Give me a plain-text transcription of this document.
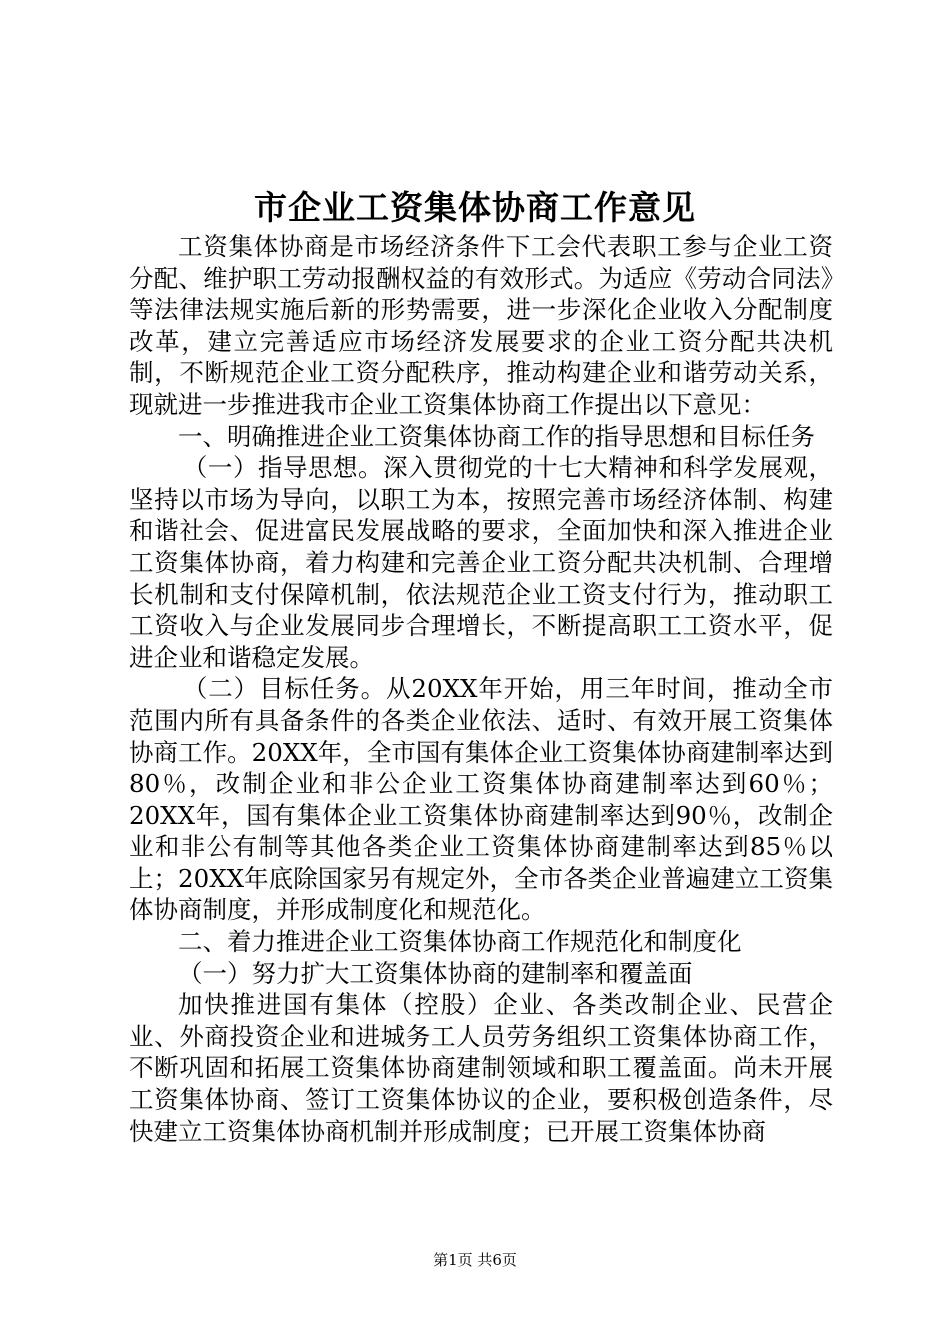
市企业工资集体协商工作意见

工资集体协商是市场经济条件下工会代表职工参与企业工资分配、维护职工劳动报酬权益的有效形式。为适应《劳动合同法》等法律法规实施后新的形势需要，进一步深化企业收入分配制度改革，建立完善适应市场经济发展要求的企业工资分配共决机制，不断规范企业工资分配秩序，推动构建企业和谐劳动关系，现就进一步推进我市企业工资集体协商工作提出以下意见：

一、明确推进企业工资集体协商工作的指导思想和目标任务

（一）指导思想。深入贯彻党的十七大精神和科学发展观，坚持以市场为导向，以职工为本，按照完善市场经济体制、构建和谐社会、促进富民发展战略的要求，全面加快和深入推进企业工资集体协商，着力构建和完善企业工资分配共决机制、合理增长机制和支付保障机制，依法规范企业工资支付行为，推动职工工资收入与企业发展同步合理增长，不断提高职工工资水平，促进企业和谐稳定发展。

（二）目标任务。从20XX年开始，用三年时间，推动全市范围内所有具备条件的各类企业依法、适时、有效开展工资集体协商工作。20XX年，全市国有集体企业工资集体协商建制率达到80％，改制企业和非公企业工资集体协商建制率达到60％；20XX年，国有集体企业工资集体协商建制率达到90％，改制企业和非公有制等其他各类企业工资集体协商建制率达到85％以上；20XX年底除国家另有规定外，全市各类企业普遍建立工资集体协商制度，并形成制度化和规范化。

二、着力推进企业工资集体协商工作规范化和制度化

（一）努力扩大工资集体协商的建制率和覆盖面

加快推进国有集体（控股）企业、各类改制企业、民营企业、外商投资企业和进城务工人员劳务组织工资集体协商工作，不断巩固和拓展工资集体协商建制领域和职工覆盖面。尚未开展工资集体协商、签订工资集体协议的企业，要积极创造条件，尽快建立工资集体协商机制并形成制度；已开展工资集体协商

第1页 共6页
